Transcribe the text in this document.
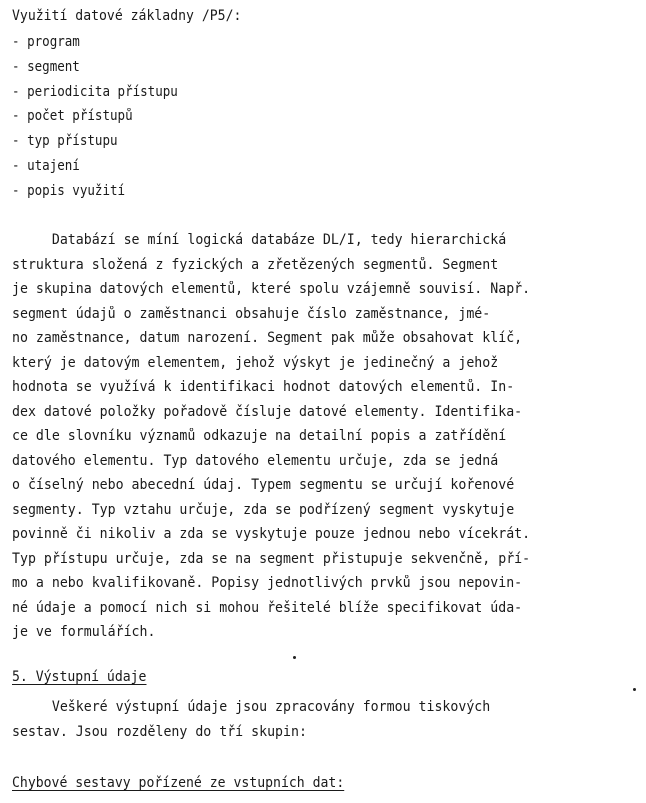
Využití datové základny /P5/:
- program
- segment
- periodicita přístupu
- počet přístupů
- typ přístupu
- utajení
- popis využití
Databází se míní logická databáze DL/I, tedy hierarchická
struktura složená z fyzických a zřetězených segmentů. Segment
je skupina datových elementů, které spolu vzájemně souvisí. Např.
segment údajů o zaměstnanci obsahuje číslo zaměstnance, jmé-
no zaměstnance, datum narození. Segment pak může obsahovat klíč,
který je datovým elementem, jehož výskyt je jedinečný a jehož
hodnota se využívá k identifikaci hodnot datových elementů. In-
dex datové položky pořadově čísluje datové elementy. Identifika-
ce dle slovníku významů odkazuje na detailní popis a zatřídění
datového elementu. Typ datového elementu určuje, zda se jedná
o číselný nebo abecední údaj. Typem segmentu se určují kořenové
segmenty. Typ vztahu určuje, zda se podřízený segment vyskytuje
povinně či nikoliv a zda se vyskytuje pouze jednou nebo vícekrát.
Typ přístupu určuje, zda se na segment přistupuje sekvenčně, pří-
mo a nebo kvalifikovaně. Popisy jednotlivých prvků jsou nepovin-
né údaje a pomocí nich si mohou řešitelé blíže specifikovat úda-
je ve formulářích.
5. Výstupní údaje
Veškeré výstupní údaje jsou zpracovány formou tiskových
sestav. Jsou rozděleny do tří skupin:
Chybové sestavy pořízené ze vstupních dat:
